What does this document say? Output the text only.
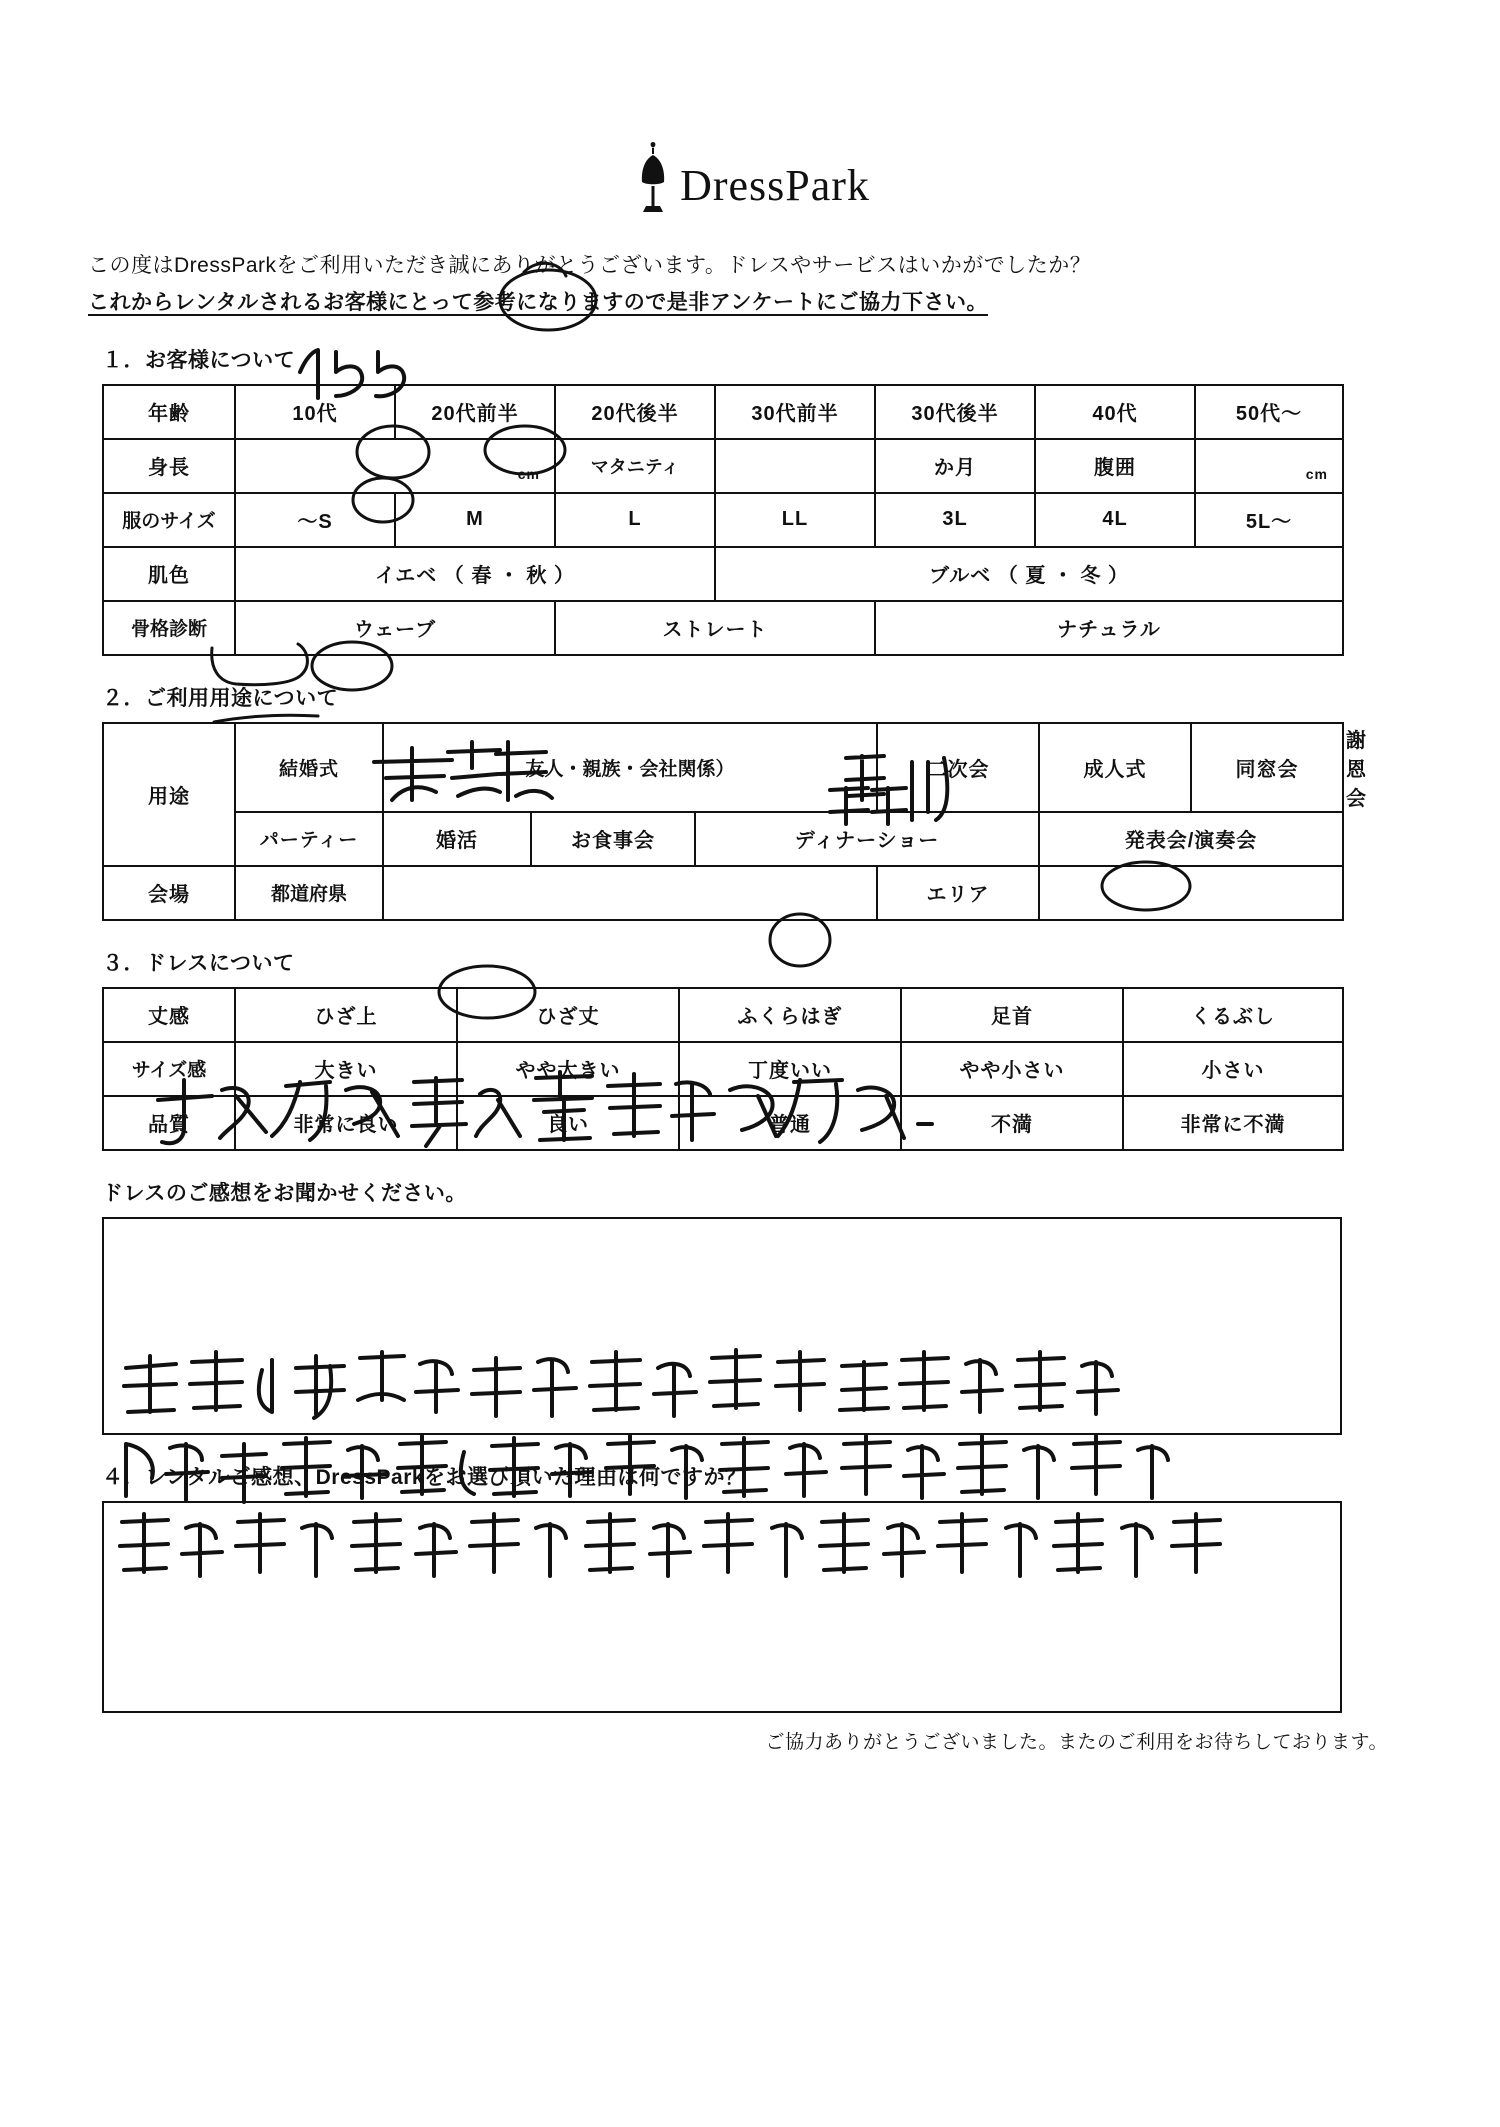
DressPark

この度はDressParkをご利用いただき誠にありがとうございます。ドレスやサービスはいかがでしたか？

これからレンタルされるお客様にとって参考になりますので是非アンケートにご協力下さい。

１．お客様について
年齢	10代	20代前半	20代後半	30代前半	30代後半	40代	50代〜
身長	cm		マタニティ		か月	腹囲	cm

服のサイズ	〜S	M	L	LL	3L	4L	5L〜
肌色	イエベ （ 春 ・ 秋 ）			ブルベ （ 夏 ・ 冬 ）			
骨格診断	ウェーブ		ストレート		ナチュラル		
２．ご利用用途について
用途	結婚式	友人・親族・会社関係）			二次会	成人式	同窓会	謝恩会
	パーティー	婚活	お食事会	ディナーショー		発表会/演奏会		
会場	都道府県				エリア			
３．ドレスについて
丈感	ひざ上	ひざ丈	ふくらはぎ	足首	くるぶし
サイズ感	大きい	やや大きい	丁度いい	やや小さい	小さい
品質	非常に良い	良い	普通	不満	非常に不満
ドレスのご感想をお聞かせください。
４．レンタルご感想、DressParkをお選び頂いた理由は何ですか？
ご協力ありがとうございました。またのご利用をお待ちしております。
